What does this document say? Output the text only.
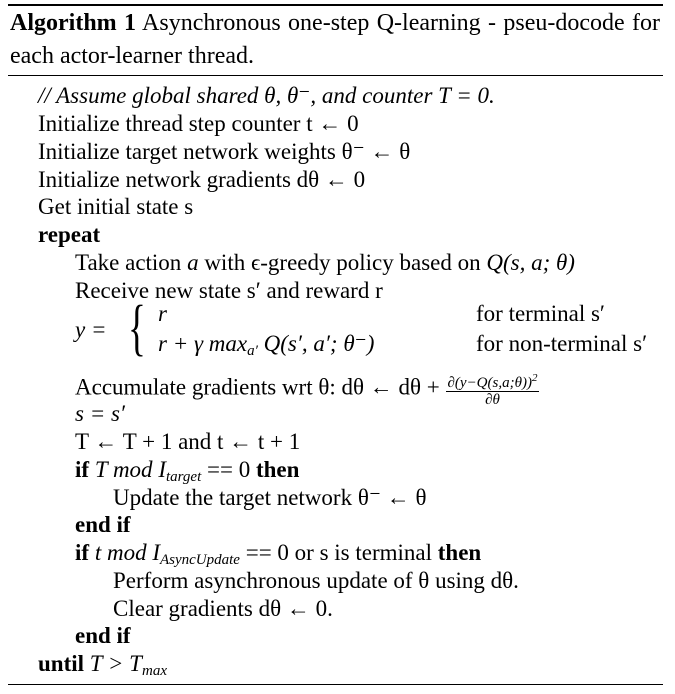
Algorithm 1 Asynchronous one-step Q-learning - pseu-docode for each actor-learner thread.
// Assume global shared θ, θ⁻, and counter T = 0.
Initialize thread step counter t ← 0
Initialize target network weights θ⁻ ← θ
Initialize network gradients dθ ← 0
Get initial state s
repeat
Take action a with ϵ-greedy policy based on Q(s, a; θ)
Receive new state s′ and reward r
y = { r	for terminal s′
r + γ $\max_{a'} Q(s'$, a′; θ⁻)	for non-terminal s′
Accumulate gradients wrt θ: dθ ← $d\theta + \frac{\partial(y-Q(s,a;\theta))^2}{\partial\theta}$
s = s′
T ← T + 1 and t ← t + 1
if T mod $I_{target} == 0$ then
Update the target network θ⁻ ← θ
end if
if t mod $I_{AsyncUpdate} == 0$ or s is terminal then
Perform asynchronous update of θ using dθ.
Clear gradients dθ ← 0.
end if
until $T > T_{max}$
